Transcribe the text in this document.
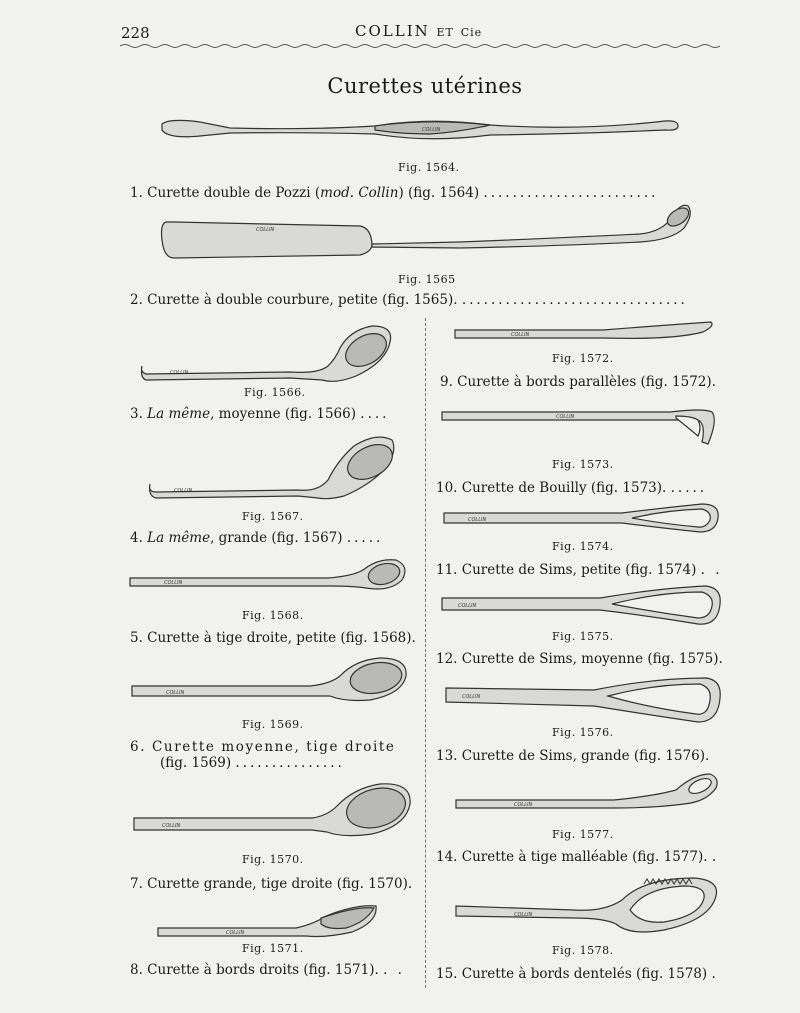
228	COLLIN ET Cie
Curettes utérines
COLLIN
Fig. 1564.
1. Curette double de Pozzi (mod. Collin) (fig. 1564) ........................
COLLIN
Fig. 1565
2. Curette à double courbure, petite (fig. 1565). ...............................
COLLIN
Fig. 1566.
3. La même, moyenne (fig. 1566) ....
COLLIN
Fig. 1567.
4. La même, grande (fig. 1567) .....
COLLIN
Fig. 1568.
5. Curette à tige droite, petite (fig. 1568).
COLLIN
Fig. 1569.
6. Curette moyenne, tige droite
(fig. 1569) ...............
COLLIN
Fig. 1570.
7. Curette grande, tige droite (fig. 1570).
COLLIN
Fig. 1571.
8. Curette à bords droits (fig. 1571). . .
COLLIN
Fig. 1572.
9. Curette à bords parallèles (fig. 1572).
COLLIN
Fig. 1573.
10. Curette de Bouilly (fig. 1573). .....
COLLIN
Fig. 1574.
11. Curette de Sims, petite (fig. 1574) . .
COLLIN
Fig. 1575.
12. Curette de Sims, moyenne (fig. 1575).
COLLIN
Fig. 1576.
13. Curette de Sims, grande (fig. 1576).
COLLIN
Fig. 1577.
14. Curette à tige malléable (fig. 1577). .
COLLIN
Fig. 1578.
15. Curette à bords dentelés (fig. 1578) .
